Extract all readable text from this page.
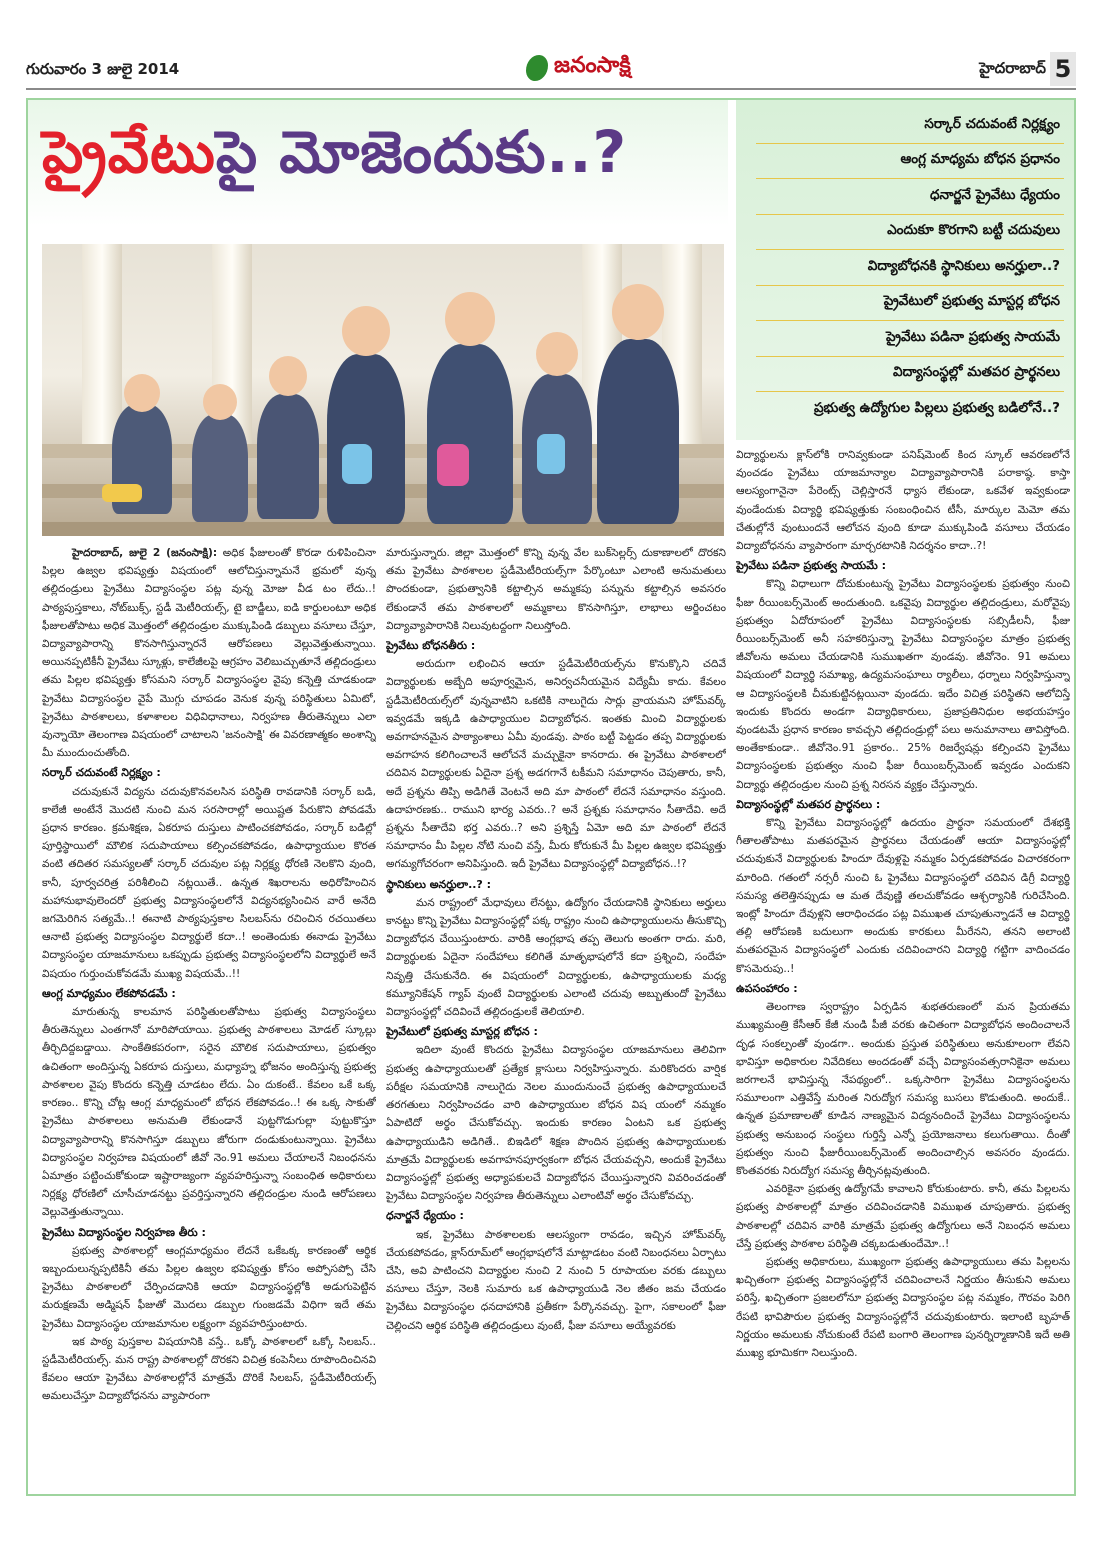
గురువారం 3 జులై 2014	జనంసాక్షి	హైదరాబాద్ 5
ప్రైవేటుపై మోజెందుకు..?	సర్కార్ చదువంటే నిర్లక్ష్యం
ఆంగ్ల మాధ్యమ బోధన ప్రధానం
ధనార్జనే ప్రైవేటు ధ్యేయం
ఎందుకూ కొరగాని బట్టీ చదువులు
విద్యాబోధనకి స్థానికులు అనర్హులా..?
ప్రైవేటులో ప్రభుత్వ మాస్టర్ల బోధన
ప్రైవేటు పడినా ప్రభుత్వ సాయమే
విద్యాసంస్థల్లో మతపర ప్రార్థనలు
ప్రభుత్వ ఉద్యోగుల పిల్లలు ప్రభుత్వ బడిలోనే..?

హైదరాబాద్, జులై 2 (జనంసాక్షి): అధిక ఫీజులంతో కొరడా రుళిపించినా పిల్లల ఉజ్వల భవిష్యత్తు విషయంలో ఆలోచిస్తున్నామనే భ్రమలో వున్న తల్లిదండ్రులు ప్రైవేటు విద్యాసంస్థల పట్ల వున్న మోజు వీడ టం లేదు..! పాఠ్యపుస్తకాలు, నోట్‌బుక్స్, స్టడీ మెటీరియల్స్, టై బాడ్జీలు, ఐడి కార్డులంటూ అధిక ఫీజులతోపాటు అధిక మొత్తంలో తల్లిదండ్రుల ముక్కుపిండి డబ్బులు వసూలు చేస్తూ, విద్యావ్యాపారాన్ని కొనసాగిస్తున్నారనే ఆరోపణలు వెల్లువెత్తుతున్నాయి. అయినప్పటికీనీ ప్రైవేటు స్కూళ్లు, కాలేజీలపై ఆగ్రహం వెలిబుచ్చుతూనే తల్లిదండ్రులు తమ పిల్లల భవిష్యత్తు కోసమని సర్కార్ విద్యాసంస్థల వైపు కన్నెత్తి చూడకుండా ప్రైవేటు విద్యాసంస్థల వైపే మొగ్గు చూపడం వెనుక వున్న పరిస్థితులు ఏమిటో, ప్రైవేటు పాఠశాలలు, కళాశాలల విధివిధానాలు, నిర్వహణ తీరుతెన్నులు ఎలా వున్నాయో తెలంగాణ విషయంలో చాటాలని 'జనంసాక్షి' ఈ వివరణాత్మకం అంశాన్ని మీ ముందుంచుతోంది.

సర్కార్ చదువంటే నిర్లక్ష్యం :

చదువుకునే విద్యను చదువుకొనవలసిన పరిస్థితి రావడానికి సర్కార్ బడి, కాలేజీ అంటేనే మొదటి నుంచి మన సరసారాల్లో అయిష్టత పేరుకొని పోవడమే ప్రధాన కారణం. క్రమశిక్షణ, ఏకరూప దుస్తులు పాటించకపోవడం, సర్కార్ బడిల్లో పూర్తిస్థాయిలో మౌలిక సదుపాయాలు కల్పించకపోవడం, ఉపాధ్యాయుల కొరత వంటి తదితర సమస్యలతో సర్కార్ చదువుల పట్ల నిర్లక్ష్య ధోరణి నెలకొని వుంది, కానీ, పూర్వచరిత్ర పరిశీలించి నట్లయితే.. ఉన్నత శిఖరాలను అధిరోహించిన మహానుభావులెందరో ప్రభుత్వ విద్యాసంస్థలలోనే విద్యనభ్యసించిన వారే అనేది జగమెరిగిన సత్యమే..! ఈనాటి పాఠ్యపుస్తకాల సిలబస్‌ను రచించిన రచయితలు ఆనాటి ప్రభుత్వ విద్యాసంస్థల విద్యార్థులే కదా..! అంతెందుకు ఈనాడు ప్రైవేటు విద్యాసంస్థల యాజమానులు ఒకప్పుడు ప్రభుత్వ విద్యాసంస్థలలోని విద్యార్థులే అనే విషయం గుర్తుంచుకోవడమే ముఖ్య విషయమే..!!

ఆంగ్ల మాధ్యమం లేకపోవడమే :

మారుతున్న కాలమాన పరిస్థితులతోపాటు ప్రభుత్వ విద్యాసంస్థలు తీరుతెన్నులు ఎంతగానో మారిపోయాయి. ప్రభుత్వ పాఠశాలలు మోడల్ స్కూల్లు తీర్చిదిద్దబడ్డాయి. సాంకేతికపరంగా, సరైన మౌలిక సదుపాయాలు, ప్రభుత్వం ఉచితంగా అందిస్తున్న ఏకరూప దుస్తులు, మధ్యాహ్న భోజనం అందిస్తున్న ప్రభుత్వ పాఠశాలల వైపు కొందరు కన్నెత్తి చూడటం లేదు. ఏం దుకంటే.. కేవలం ఒకే ఒక్క కారణం.. కొన్ని చోట్ల ఆంగ్ల మాధ్యమంలో బోధన లేకపోవడం..! ఈ ఒక్క సాకుతో ప్రైవేటు పాఠశాలలు అనుమతి లేకుండానే పుట్టగొడుగుల్లా పుట్టుకొస్తూ విద్యావ్యాపారాన్ని కొనసాగిస్తూ డబ్బులు జోరుగా దండుకుంటున్నాయి. ప్రైవేటు విద్యాసంస్థల నిర్వహణ విషయంలో జీవో నెం.91 అమలు చేయాలనే నిబంధనను ఏమాత్రం పట్టించుకోకుండా ఇష్టారాజ్యంగా వ్యవహరిస్తున్నా సంబంధిత అధికారులు నిర్లక్ష్య ధోరణిలో చూసీచూడనట్టు ప్రవర్తిస్తున్నారని తల్లిదండ్రుల నుండి ఆరోపణలు వెల్లువెత్తుతున్నాయి.

ప్రైవేటు విద్యాసంస్థల నిర్వహణ తీరు :

ప్రభుత్వ పాఠశాలల్లో ఆంగ్లమాధ్యమం లేదనే ఒకేఒక్క కారణంతో ఆర్థిక ఇబ్బందులున్నప్పటికినీ తమ పిల్లల ఉజ్వల భవిష్యత్తు కోసం అప్పోసప్పో చేసి ప్రైవేటు పాఠశాలలో చేర్పించడానికి ఆయా విద్యాసంస్థల్లోకి అడుగుపెట్టిన మరుక్షణమే అడ్మిషన్ ఫీజుతో మొదలు డబ్బుల గుంజడమే విధిగా ఇదే తమ ప్రైవేటు విద్యాసంస్థల యాజమానుల లక్ష్యంగా వ్యవహరిస్తుంటారు.

ఇక పాఠ్య పుస్తకాల విషయానికి వస్తే.. ఒక్కో పాఠశాలలో ఒక్కో సిలబస్.. స్టడీమెటీరియల్స్. మన రాష్ట్ర పాఠశాలల్లో దొరకని విచిత్ర కంపెనీలు రూపొందించినవి కేవలం ఆయా ప్రైవేటు పాఠశాలల్లోనే మాత్రమే దొరికే సిలబస్, స్టడీమెటీరియల్స్ అమలుచేస్తూ విద్యాబోధనను వ్యాపారంగా

మారుస్తున్నారు. జిల్లా మొత్తంలో కొన్ని వున్న వేల బుక్‌సెల్లర్స్ దుకాణాలలో దొరకని తమ ప్రైవేటు పాఠశాలల స్టడీమెటీరియల్స్‌గా పేర్కొంటూ ఎలాంటి అనుమతులు పొందకుండా, ప్రభుత్వానికి కట్టాల్సిన అమ్మకపు పన్నును కట్టాల్సిన అవసరం లేకుండానే తమ పాఠశాలలో అమ్మకాలు కొనసాగిస్తూ, లాభాలు అర్జించటం విద్యావ్యాపారానికి నిలువుటద్దంగా నిలుస్తోంది.

ప్రైవేటు బోధనతీరు :

అరుదుగా లభించిన ఆయా స్టడీమెటీరియల్స్‌ను కొనుక్కొని చదివే విద్యార్థులకు అబ్బేది అపూర్వమైన, అనిర్వచనీయమైన విద్యేమీ కాదు. కేవలం స్టడీమెటీరియల్స్‌లో వున్నవాటిని ఒకటికి నాలుగైదు సార్లు వ్రాయమని హోమ్‌వర్క్ ఇవ్వడమే ఇక్కడి ఉపాధ్యాయుల విద్యాబోధన. ఇంతకు మించి విద్యార్థులకు అవగాహనమైన పాఠ్యాంశాలు ఏమీ వుండవు. పాఠం బట్టీ పెట్టడం తప్ప విద్యార్థులకు అవగాహన కలిగించాలనే ఆలోచనే మచ్చుకైనా కానరాదు. ఈ ప్రైవేటు పాఠశాలలో చదివిన విద్యార్థులకు ఏదైనా ప్రశ్న అడగగానే టకీమని సమాధానం చెపుతారు, కానీ, అదే ప్రశ్నను తిప్పి అడిగితే వెంటనే అది మా పాఠంలో లేదనే సమాధానం వస్తుంది. ఉదాహరణకు.. రాముని భార్య ఎవరు..? అనే ప్రశ్నకు సమాధానం సీతాదేవి. అదే ప్రశ్నను సీతాదేవి భర్త ఎవరు..? అని ప్రశ్నిస్తే ఏమో అది మా పాఠంలో లేదనే సమాధానం మీ పిల్లల నోటి నుంచి వస్తే, మీరు కోరుకునే మీ పిల్లల ఉజ్వల భవిష్యత్తు అగమ్యగోచరంగా అనిపిస్తుంది. ఇదీ ప్రైవేటు విద్యాసంస్థల్లో విద్యాబోధన..!?

స్థానికులు అనర్హులా..? :

మన రాష్ట్రంలో మేధావులు లేనట్టు, ఉద్యోగం చేయడానికి స్థానికులు అర్హులు కానట్టు కొన్ని ప్రైవేటు విద్యాసంస్థల్లో పక్క రాష్ట్రం నుంచి ఉపాధ్యాయులను తీసుకొచ్చి విద్యాబోధన చేయిస్తుంటారు. వారికి ఆంగ్లభాష తప్ప తెలుగు అంతగా రాదు. మరి, విద్యార్థులకు ఏదైనా సందేహాలు కలిగితే మాతృభాషలోనే కదా ప్రశ్నించి, సందేహ నివృత్తి చేసుకునేది. ఈ విషయంలో విద్యార్థులకు, ఉపాధ్యాయులకు మధ్య కమ్యూనికేషన్ గ్యాప్ వుంటే విద్యార్థులకు ఎలాంటి చదువు అబ్బుతుందో ప్రైవేటు విద్యాసంస్థల్లో చదివించే తల్లిదండ్రులకే తెలియాలి.

ప్రైవేటులో ప్రభుత్వ మాస్టర్ల బోధన :

ఇదిలా వుంటే కొందరు ప్రైవేటు విద్యాసంస్థల యాజమానులు తెలివిగా ప్రభుత్వ ఉపాధ్యాయులతో ప్రత్యేక క్లాసులు నిర్వహిస్తున్నారు. మరికొందరు వార్షిక పరీక్షల సమయానికి నాలుగైదు నెలల ముందునుంచే ప్రభుత్వ ఉపాధ్యాయులచే తరగతులు నిర్వహించడం వారి ఉపాధ్యాయుల బోధన విష యంలో నమ్మకం ఏపాటిదో అర్థం చేసుకోవచ్చు. ఇందుకు కారణం ఏంటని ఒక ప్రభుత్వ ఉపాధ్యాయుడిని అడిగితే.. బిఇడిలో శిక్షణ పొందిన ప్రభుత్వ ఉపాధ్యాయులకు మాత్రమే విద్యార్థులకు అవగాహనపూర్వకంగా బోధన చేయవచ్చని, అందుకే ప్రైవేటు విద్యాసంస్థల్లో ప్రభుత్వ అధ్యాపకులచే విద్యాబోధన చేయిస్తున్నారని వివరించడంతో ప్రైవేటు విద్యాసంస్థల నిర్వహణ తీరుతెన్నులు ఎలాంటివో అర్థం చేసుకోవచ్చు.

ధనార్జనే ధ్యేయం :

ఇక, ప్రైవేటు పాఠశాలలకు ఆలస్యంగా రావడం, ఇచ్చిన హోమ్‌వర్క్ చేయకపోవడం, క్లాస్‌రూమ్‌లో ఆంగ్లభాషలోనే మాట్లాడటం వంటి నిబంధనలు ఏర్పాటు చేసి, అవి పాటించని విద్యార్థుల నుంచి 2 నుంచి 5 రూపాయల వరకు డబ్బులు వసూలు చేస్తూ, నెలకి సుమారు ఒక ఉపాధ్యాయుడి నెల జీతం జమ చేయడం ప్రైవేటు విద్యాసంస్థల ధనదాహానికి ప్రతీకగా పేర్కొనవచ్చు. పైగా, సకాలంలో ఫీజు చెల్లించని ఆర్థిక పరిస్థితి తల్లిదండ్రులు వుంటే, ఫీజు వసూలు అయ్యేవరకు

విద్యార్థులను క్లాస్‌లోకి రానివ్వకుండా పనిష్‌మెంట్ కింద స్కూల్ ఆవరణలోనే వుంచడం ప్రైవేటు యాజమాన్యాల విద్యావ్యాపారానికి పరాకాష్ఠ. కాస్తా ఆలస్యంగానైనా పేరెంట్స్ చెల్లిస్తారనే ధ్యాస లేకుండా, ఒకవేళ ఇవ్వకుండా వుండేందుకు విద్యార్థి భవిష్యత్తుకు సంబంధించిన టీసీ, మార్కుల మెమో తమ చేతుల్లోనే వుంటుందనే ఆలోచన వుంది కూడా ముక్కుపిండి వసూలు చేయడం విద్యాబోధనను వ్యాపారంగా మార్చరటానికి నిదర్శనం కాదా..?!

ప్రైవేటు పడినా ప్రభుత్వ సాయమే :

కొన్ని విధాలుగా దోచుకుంటున్న ప్రైవేటు విద్యాసంస్థలకు ప్రభుత్వం నుంచి ఫీజు రీయింబర్స్‌మెంట్ అందుతుంది. ఒకవైపు విద్యార్థుల తల్లిదండ్రులు, మరోవైపు ప్రభుత్వం ఏదోరూపంలో ప్రైవేటు విద్యాసంస్థలకు సబ్సిడీలనీ, ఫీజు రీయింబర్స్‌మెంట్ అనీ సహకరిస్తున్నా ప్రైవేటు విద్యాసంస్థల మాత్రం ప్రభుత్వ జీవోలను అమలు చేయడానికి సుముఖతగా వుండవు. జీవోనెం. 91 అమలు విషయంలో విద్యార్థి సమాఖ్య, ఉద్యమసంఘాలు ర్యాలీలు, ధర్నాలు నిర్వహిస్తున్నా ఆ విద్యాసంస్థలకి చీమకుట్టినట్లయినా వుండదు. ఇదేం విచిత్ర పరిస్థితని ఆలోచిస్తే ఇందుకు కొందరు అండగా విద్యాధికారులు, ప్రజాప్రతినిధుల అభయహస్తం వుండటమే ప్రధాన కారణం కావచ్చని తల్లిదండ్రుల్లో పలు అనుమానాలు తావిస్తోంది. అంతేకాకుండా.. జీవోనెం.91 ప్రకారం.. 25% రిజర్వేషన్లు కల్పించని ప్రైవేటు విద్యాసంస్థలకు ప్రభుత్వం నుంచి ఫీజు రీయింబర్స్‌మెంట్ ఇవ్వడం ఎందుకని విద్యార్థు తల్లిదండ్రుల నుంచి ప్రశ్న నిరసన వ్యక్తం చేస్తున్నారు.

విద్యాసంస్థల్లో మతపర ప్రార్థనలు :

కొన్ని ప్రైవేటు విద్యాసంస్థల్లో ఉదయం ప్రార్థనా సమయంలో దేశభక్తి గీతాలతోపాటు మతపరమైన ప్రార్థనలు చేయడంతో ఆయా విద్యాసంస్థల్లో చదువుకునే విద్యార్థులకు హిందూ దేవుళ్లపై నమ్మకం ఏర్పడకపోవడం విచారకరంగా మారింది. గతంలో నర్సరీ నుంచి ఓ ప్రైవేటు విద్యాసంస్థలో చదివిన డిగ్రీ విద్యార్థి సమస్య తలెత్తినప్పుడు ఆ మత దేవుణ్ణి తలచుకోవడం ఆశ్చర్యానికి గురిచేసింది. ఇంట్లో హిందూ దేవుళ్లని ఆరాధించడం పట్ల విముఖత చూపుతున్నాడనే ఆ విద్యార్థి తల్లి ఆరోపణకి బదులుగా అందుకు కారకులు మీరేనని, తనని అలాంటి మతపరమైన విద్యాసంస్థలో ఎందుకు చదివించారని విద్యార్థి గట్టిగా వాదించడం కొసమెరుపు..!

ఉపసంహారం :

తెలంగాణ స్వరాష్ట్రం ఏర్పడిన శుభతరుణంలో మన ప్రియతమ ముఖ్యమంత్రి కేసీఆర్ కేజీ నుండి పీజీ వరకు ఉచితంగా విద్యాబోధన అందించాలనే దృఢ సంకల్పంతో వుండగా.. అందుకు ప్రస్తుత పరిస్థితులు అనుకూలంగా లేవని భావిస్తూ అధికారుల నివేదికలు అందడంతో వచ్చే విద్యాసంవత్సరానికైనా అమలు జరగాలనే భావిస్తున్న నేపథ్యంలో.. ఒక్కసారిగా ప్రైవేటు విద్యాసంస్థలను సమూలంగా ఎత్తివేస్తే మరింత నిరుద్యోగ సమస్య బుసలు కొడుతుంది. అందుకే.. ఉన్నత ప్రమాణాలతో కూడిన నాణ్యమైన విద్యనందించే ప్రైవేటు విద్యాసంస్థలను ప్రభుత్వ అనుబంధ సంస్థలు గుర్తిస్తే ఎన్నో ప్రయోజనాలు కలుగుతాయి. దీంతో ప్రభుత్వం నుంచి ఫీజురీయింబర్స్‌మెంట్ అందించాల్సిన అవసరం వుండదు. కొంతవరకు నిరుద్యోగ సమస్య తీర్చినట్లవుతుంది.

ఎవరికైనా ప్రభుత్వ ఉద్యోగమే కావాలని కోరుకుంటారు. కానీ, తమ పిల్లలను ప్రభుత్వ పాఠశాలల్లో మాత్రం చదివించడానికి విముఖత చూపుతారు. ప్రభుత్వ పాఠశాలల్లో చదివిన వారికి మాత్రమే ప్రభుత్వ ఉద్యోగులు అనే నిబంధన అమలు చేస్తే ప్రభుత్వ పాఠశాల పరిస్థితి చక్కబడుతుందేమో..!

ప్రభుత్వ అధికారులు, ముఖ్యంగా ప్రభుత్వ ఉపాధ్యాయులు తమ పిల్లలను ఖచ్చితంగా ప్రభుత్వ విద్యాసంస్థల్లోనే చదివించాలనే నిర్ణయం తీసుకుని అమలు పరిస్తే, ఖచ్చితంగా ప్రజలలోనూ ప్రభుత్వ విద్యాసంస్థల పట్ల నమ్మకం, గౌరవం పెరిగి రేపటి భావిపౌరుల ప్రభుత్వ విద్యాసంస్థల్లోనే చదువుకుంటారు. ఇలాంటి బృహత్ నిర్ణయం అమలుకు నోచుకుంటే రేపటి బంగారి తెలంగాణ పునర్నిర్మాణానికి ఇదే అతి ముఖ్య భూమికగా నిలుస్తుంది.
